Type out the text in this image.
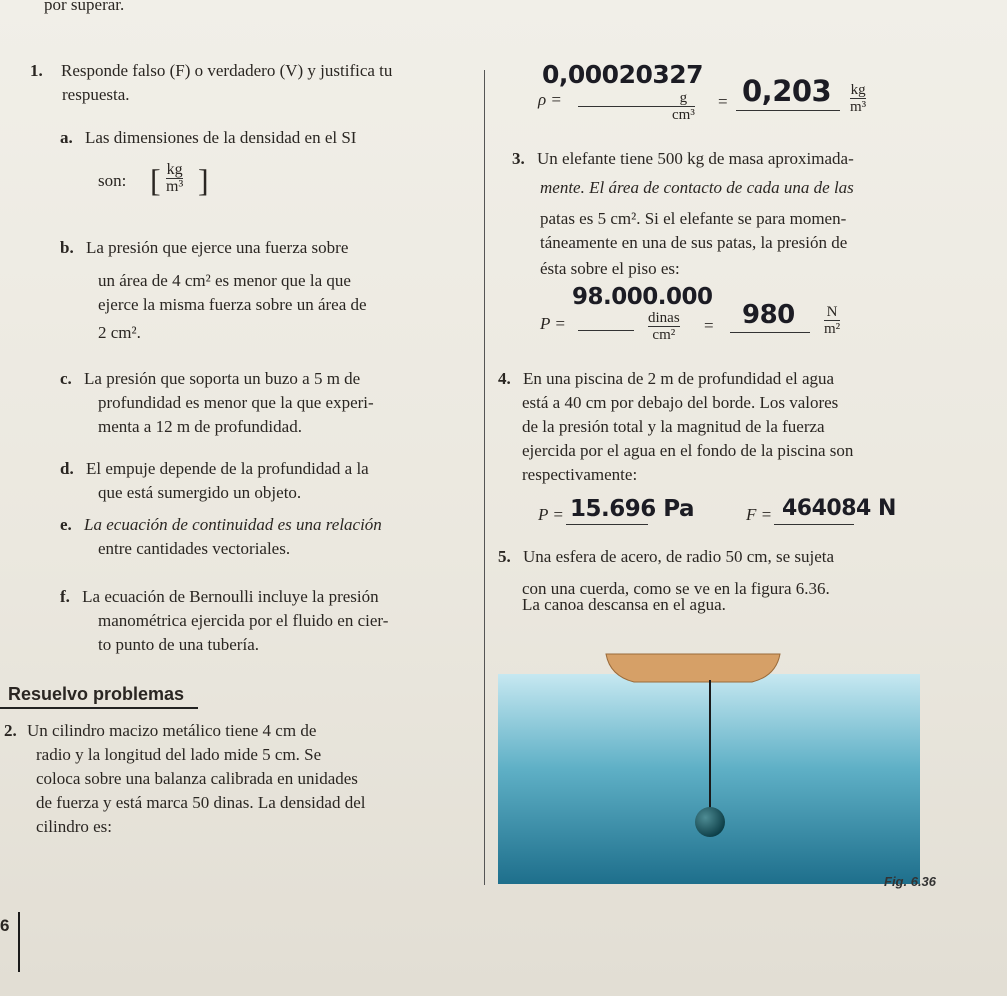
por superar.
1. Responde falso (F) o verdadero (V) y justifica tu
respuesta.
a. Las dimensiones de la densidad en el SI
son: [ kg
m³ ]
b. La presión que ejerce una fuerza sobre
un área de 4 cm² es menor que la que
ejerce la misma fuerza sobre un área de
2 cm².
c. La presión que soporta un buzo a 5 m de
profundidad es menor que la que experi-
menta a 12 m de profundidad.
d. El empuje depende de la profundidad a la
que está sumergido un objeto.
e. La ecuación de continuidad es una relación
entre cantidades vectoriales.
f. La ecuación de Bernoulli incluye la presión
manométrica ejercida por el fluido en cier-
to punto de una tubería.
Resuelvo problemas
2. Un cilindro macizo metálico tiene 4 cm de
radio y la longitud del lado mide 5 cm. Se
coloca sobre una balanza calibrada en unidades
de fuerza y está marca 50 dinas. La densidad del
cilindro es:
ρ =
0,00020327
g
cm³
= 0,203 kg
m³
3. Un elefante tiene 500 kg de masa aproximada-
mente. El área de contacto de cada una de las
patas es 5 cm². Si el elefante se para momen-
táneamente en una de sus patas, la presión de
ésta sobre el piso es:
P =
98.000.000
dinas
cm² = 980 N
m²
4. En una piscina de 2 m de profundidad el agua
está a 40 cm por debajo del borde. Los valores
de la presión total y la magnitud de la fuerza
ejercida por el agua en el fondo de la piscina son
respectivamente:
P = 15.696 Pa	F = 464084 N
5. Una esfera de acero, de radio 50 cm, se sujeta
con una cuerda, como se ve en la figura 6.36.
La canoa descansa en el agua.
Fig. 6.36
6
